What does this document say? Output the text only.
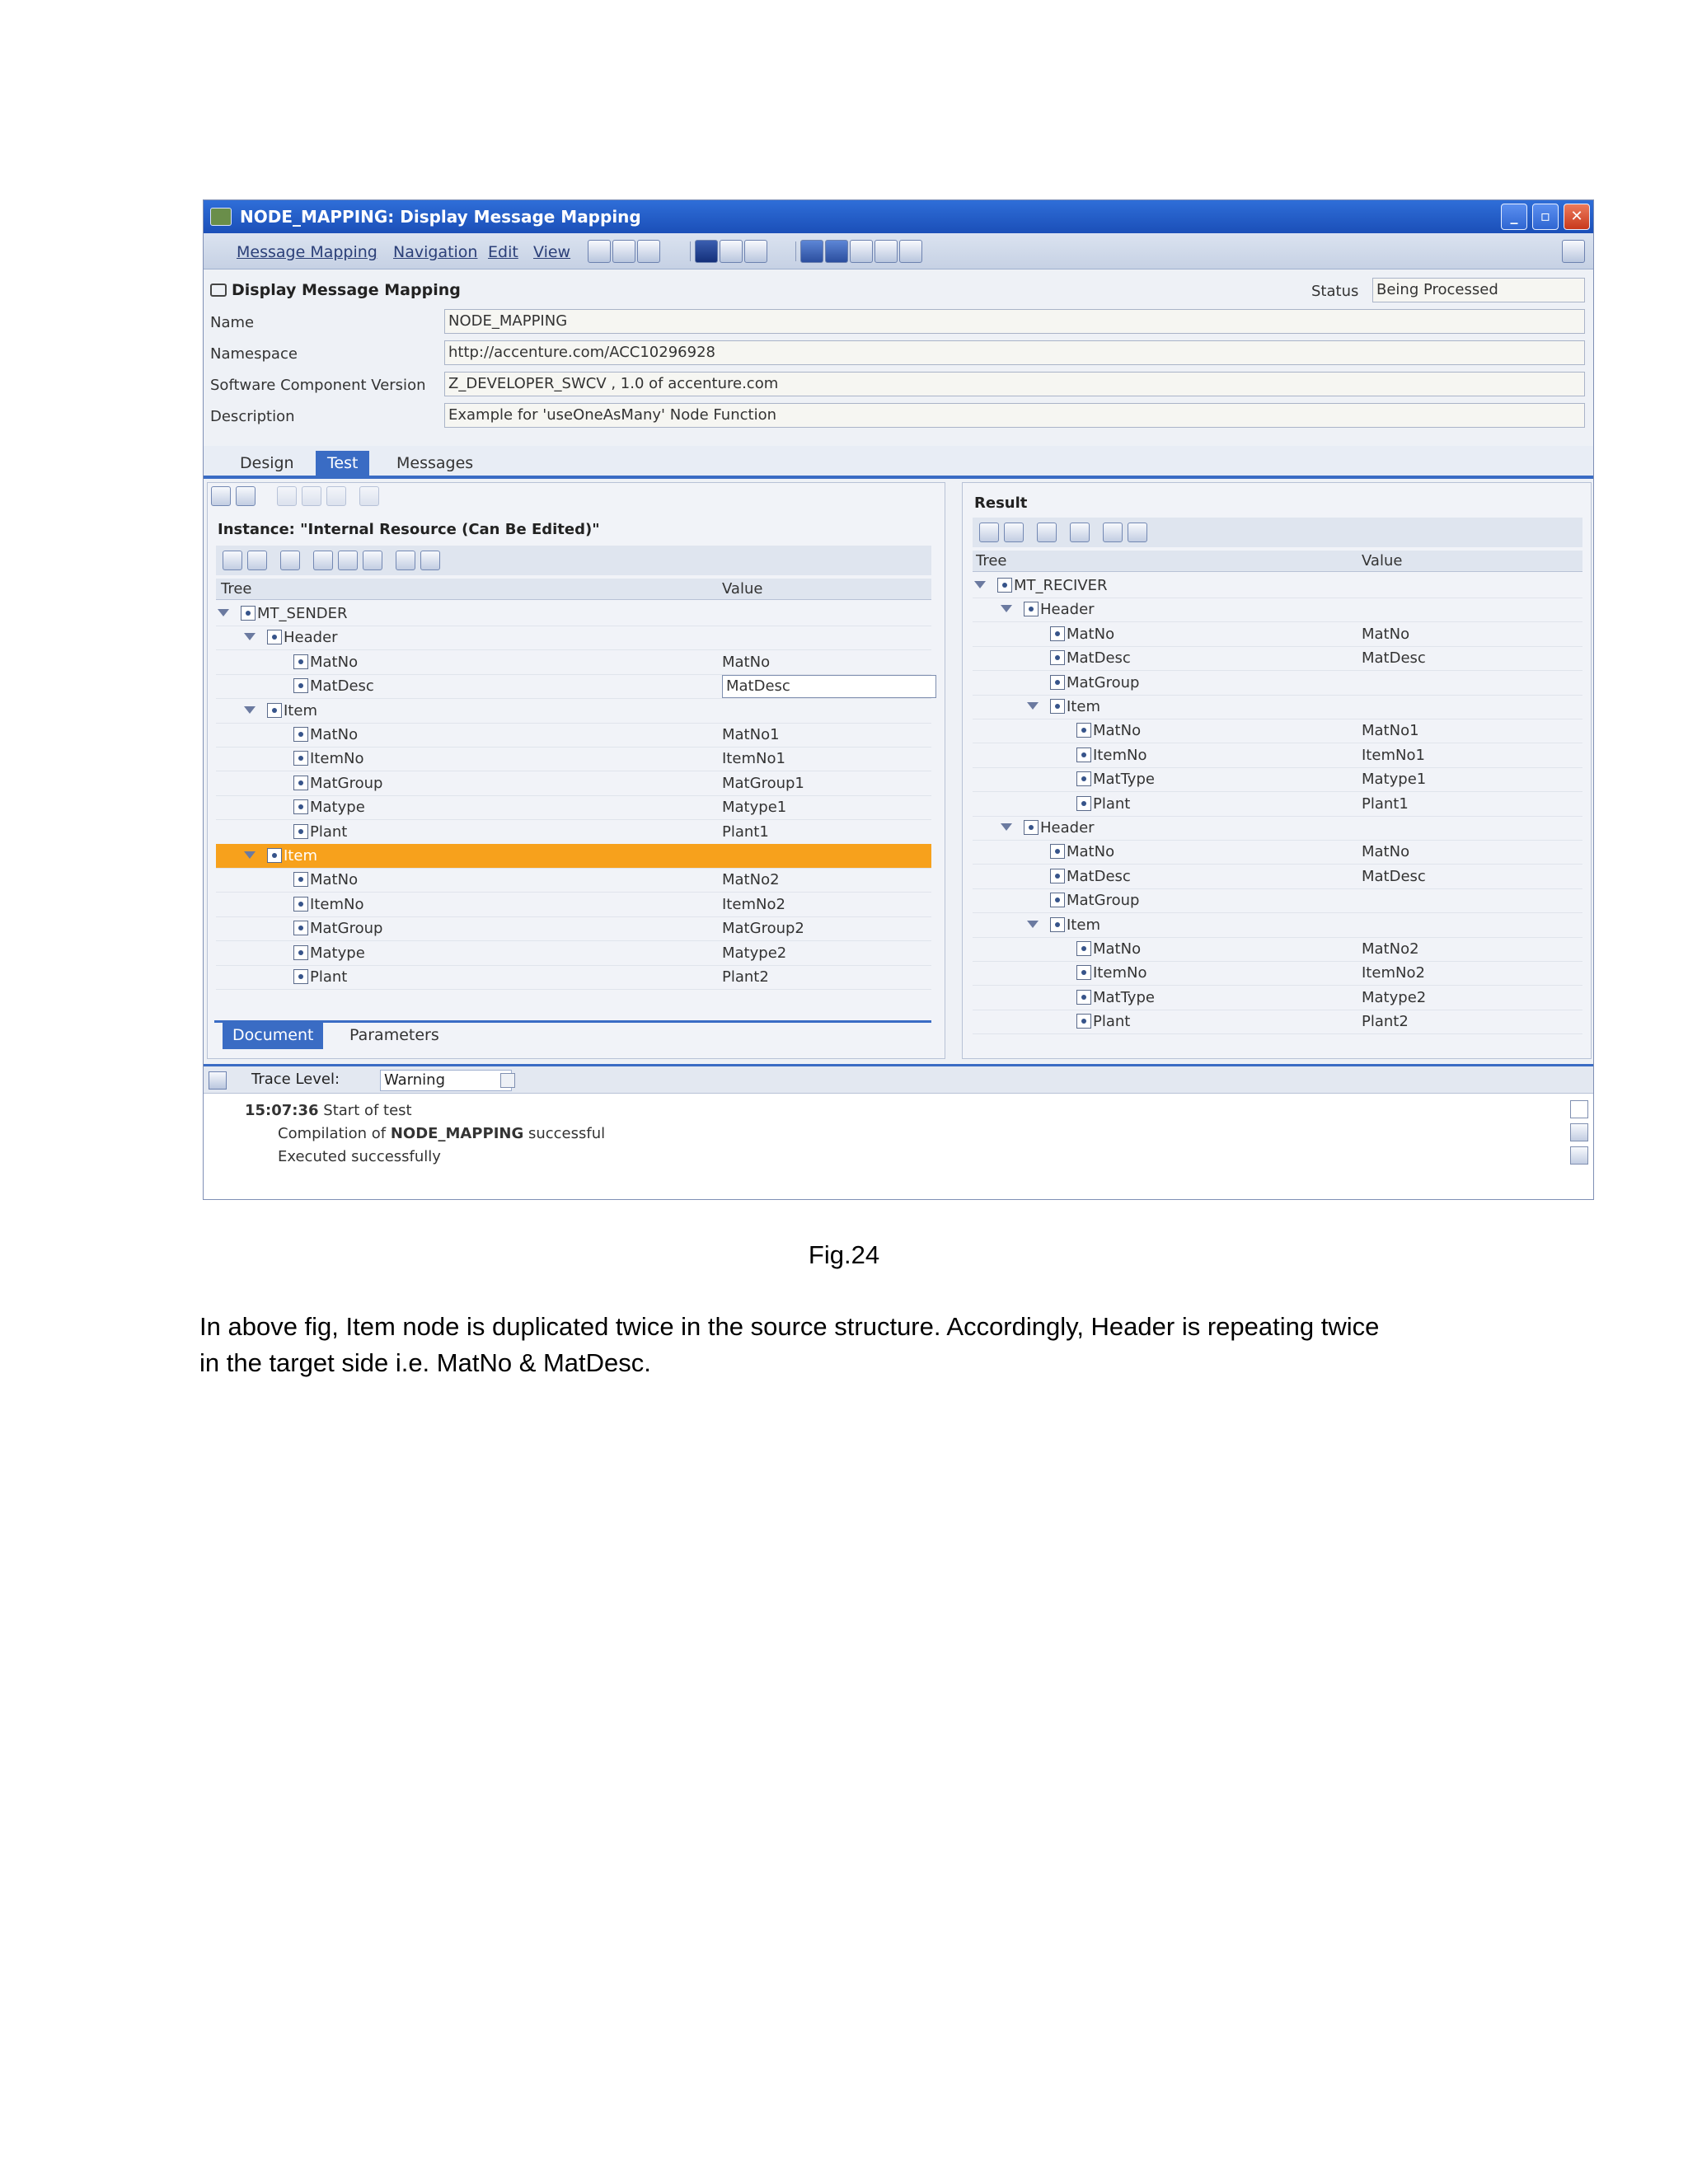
NODE_MAPPING: Display Message Mapping	_	▫	✕
Message Mapping Navigation Edit View
Display Message Mapping	Status Being Processed
Name	NODE_MAPPING
Namespace	http://accenture.com/ACC10296928
Software Component Version Z_DEVELOPER_SWCV , 1.0 of accenture.com
Description	Example for 'useOneAsMany' Node Function
Design	Test	Messages
Instance: "Internal Resource (Can Be Edited)"
Tree	Value
MT_SENDER
Header
MatNo	MatNo
MatDesc	MatDesc
Item
MatNo	MatNo1
ItemNo	ItemNo1
MatGroup	MatGroup1
Matype	Matype1
Plant	Plant1
Item
MatNo	MatNo2
ItemNo	ItemNo2
MatGroup	MatGroup2
Matype	Matype2
Plant	Plant2
Document	Parameters
Result
Tree	Value
MT_RECIVER
Header
MatNo	MatNo
MatDesc	MatDesc
MatGroup
Item
MatNo	MatNo1
ItemNo	ItemNo1
MatType	Matype1
Plant	Plant1
Header
MatNo	MatNo
MatDesc	MatDesc
MatGroup
Item
MatNo	MatNo2
ItemNo	ItemNo2
MatType	Matype2
Plant	Plant2
Trace Level:	Warning
15:07:36 Start of test
Compilation of NODE_MAPPING successful
Executed successfully
Fig.24
In above fig, Item node is duplicated twice in the source structure. Accordingly, Header is repeating twice
in the target side i.e. MatNo & MatDesc.
